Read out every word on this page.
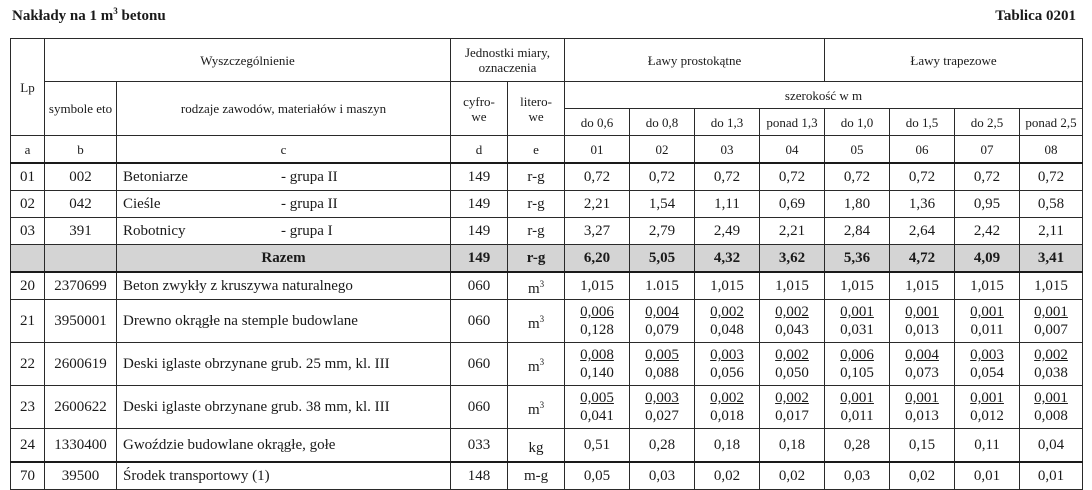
Nakłady na 1 $m^3$ betonu	Tablica 0201
Lp	Wyszczególnienie		Jednostki miary, oznaczenia		Ławy prostokątne				Ławy trapezowe			
	symbole eto	rodzaje zawodów, materiałów i maszyn	cyfro- we	litero- we	szerokość w m							
					do 0,6	do 0,8	do 1,3	ponad 1,3	do 1,0	do 1,5	do 2,5	ponad 2,5
a	b	c	d	e	01	02	03	04	05	06	07	08
01	002	Betoniarze - grupa II	149	r-g	0,72	0,72	0,72	0,72	0,72	0,72	0,72	0,72
02	042	Cieśle - grupa II	149	r-g	2,21	1,54	1,11	0,69	1,80	1,36	0,95	0,58
03	391	Robotnicy - grupa I	149	r-g	3,27	2,79	2,49	2,21	2,84	2,64	2,42	2,11
		Razem	149	r-g	6,20	5,05	4,32	3,62	5,36	4,72	4,09	3,41
20	2370699	Beton zwykły z kruszywa naturalnego	060	$m^3$	1,015	1.015	1,015	1,015	1,015	1,015	1,015	1,015
21	3950001	Drewno okrągłe na stemple budowlane	060	$m^3$	$\frac{0,006}{0,128}$	$\frac{0,004}{0,079}$	$\frac{0,002}{0,048}$	$\frac{0,002}{0,043}$	$\frac{0,001}{0,031}$	$\frac{0,001}{0,013}$	$\frac{0,001}{0,011}$	$\frac{0,001}{0,007}$

22	2600619	Deski iglaste obrzynane grub. 25 mm, kl. III	060	$m^3$	$\frac{0,008}{0,140}$	$\frac{0,005}{0,088}$	$\frac{0,003}{0,056}$	$\frac{0,002}{0,050}$	$\frac{0,006}{0,105}$	$\frac{0,004}{0,073}$	$\frac{0,003}{0,054}$	$\frac{0,002}{0,038}$

23	2600622	Deski iglaste obrzynane grub. 38 mm, kl. III	060	$m^3$	$\frac{0,005}{0,041}$	$\frac{0,003}{0,027}$	$\frac{0,002}{0,018}$	$\frac{0,002}{0,017}$	$\frac{0,001}{0,011}$	$\frac{0,001}{0,013}$	$\frac{0,001}{0,012}$	$\frac{0,001}{0,008}$

24	1330400	Gwoździe budowlane okrągłe, gołe	033	kg	0,51	0,28	0,18	0,18	0,28	0,15	0,11	0,04
70	39500	Środek transportowy (1)	148	m-g	0,05	0,03	0,02	0,02	0,03	0,02	0,01	0,01
